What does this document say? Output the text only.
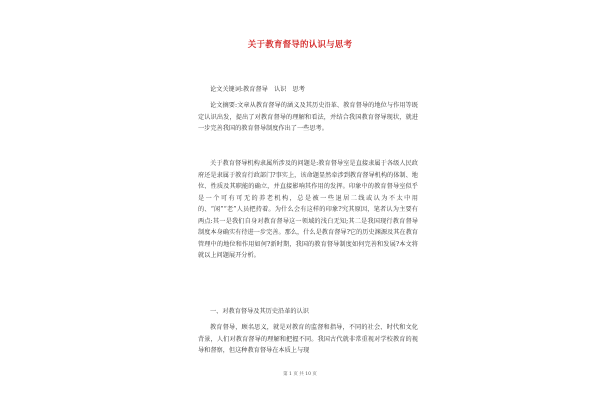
关于教育督导的认识与思考

论文关键词:教育督导　认识　思考

论文摘要:文章从教育督导的涵义及其历史沿革、教育督导的地位与作用等既定认识出发，提出了对教育督导的理解和看法，并结合我国教育督导现状，就进一步完善我国的教育督导制度作出了一些思考。

关于教育督导机构隶属所涉及的问题是:教育督导室是直接隶属于各级人民政府还是隶属于教育行政部门?事实上，该命题显然牵涉到教育督导机构的体制、地位、性质及其职能的确立，并直接影响其作用的发挥。印象中的教育督导室似乎是一个可有可无的养老机构，总是被一些退居二线或认为不太中用的、“闲”“老”人员把持着。为什么会有这样的印象?究其原因，笔者认为主要有两点:其一是我们自身对教育督导这一领域的浅白无知;其二是我国现行教育督导制度本身确实有待进一步完善。那么，什么是教育督导?它的历史渊源及其在教育管理中的地位和作用如何?新时期，我国的教育督导制度如何完善和发展?本文将就以上问题展开分析。

一、对教育督导及其历史沿革的认识

教育督导，顾名思义，就是对教育的监督和指导，不同的社会、时代和文化背景，人们对教育督导的理解和把握不同。我国古代就非常重视对学校教育的视导和督察，但这种教育督导在本质上与现

第 1 页 共 10 页
